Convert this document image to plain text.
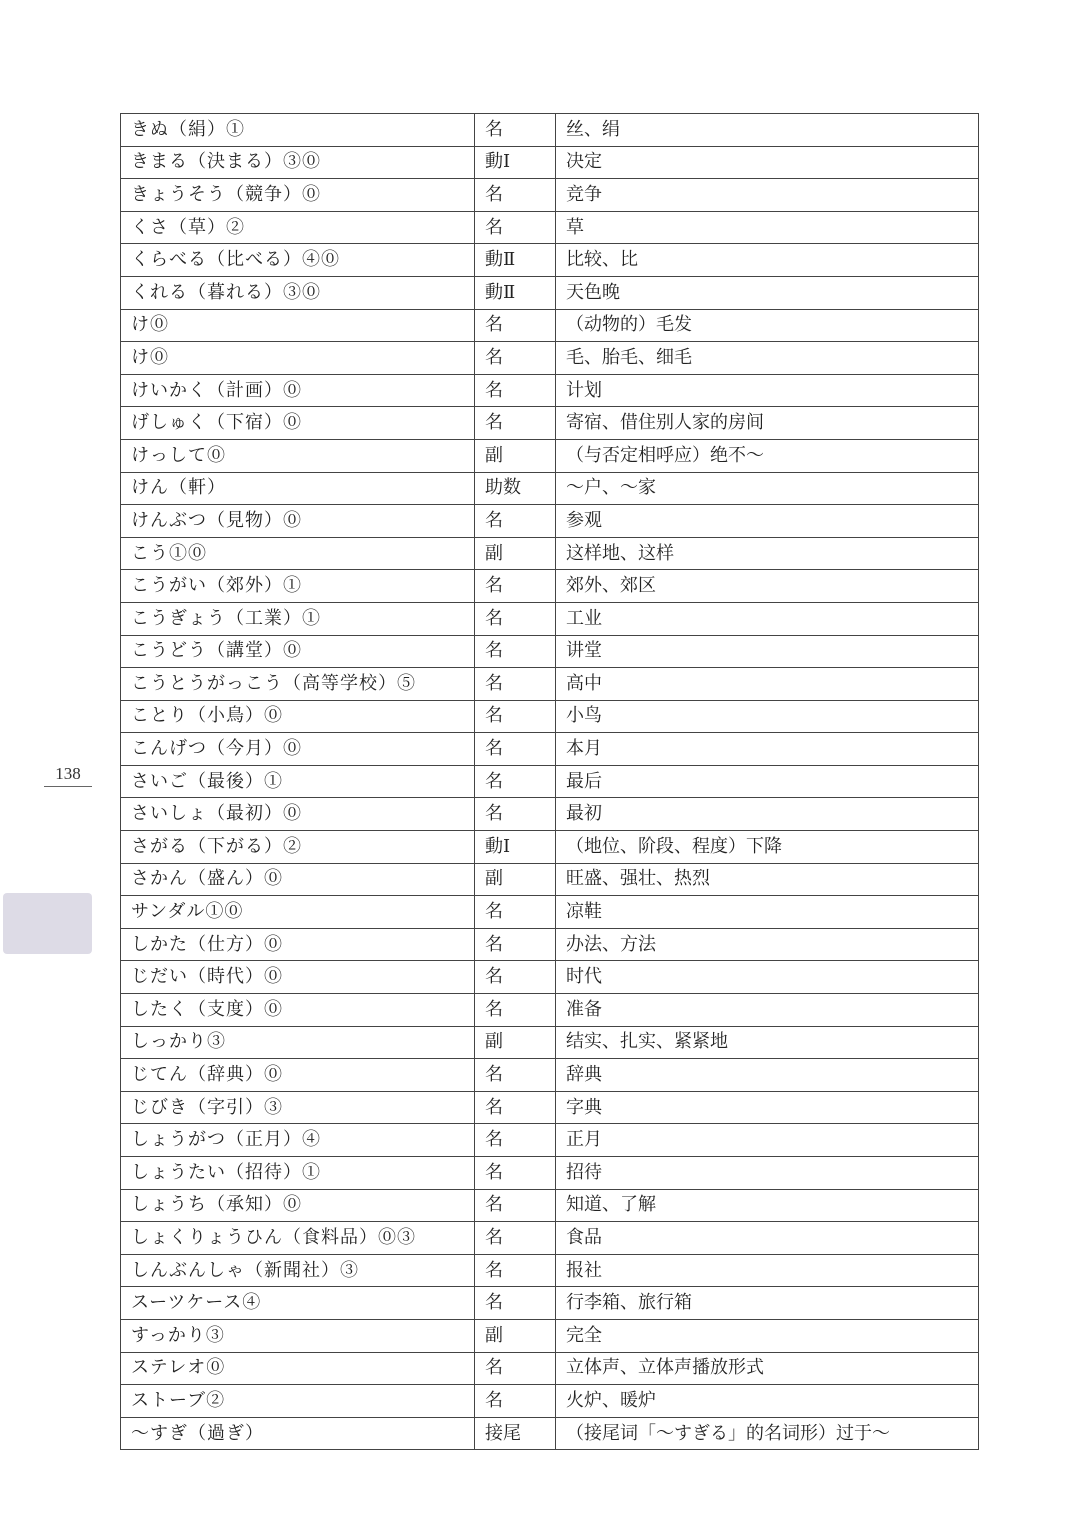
138
きぬ（絹）①	名	丝、绢
きまる（決まる）③⓪	動Ⅰ	决定
きょうそう（競争）⓪	名	竞争
くさ（草）②	名	草
くらべる（比べる）④⓪	動Ⅱ	比较、比
くれる（暮れる）③⓪	動Ⅱ	天色晚
け⓪	名	（动物的）毛发
け⓪	名	毛、胎毛、细毛
けいかく（計画）⓪	名	计划
げしゅく（下宿）⓪	名	寄宿、借住别人家的房间
けっして⓪	副	（与否定相呼应）绝不～
けん（軒）	助数	～户、～家
けんぶつ（見物）⓪	名	参观
こう①⓪	副	这样地、这样
こうがい（郊外）①	名	郊外、郊区
こうぎょう（工業）①	名	工业
こうどう（講堂）⓪	名	讲堂
こうとうがっこう（高等学校）⑤	名	高中
ことり（小鳥）⓪	名	小鸟
こんげつ（今月）⓪	名	本月
さいご（最後）①	名	最后
さいしょ（最初）⓪	名	最初
さがる（下がる）②	動Ⅰ	（地位、阶段、程度）下降
さかん（盛ん）⓪	副	旺盛、强壮、热烈
サンダル①⓪	名	凉鞋
しかた（仕方）⓪	名	办法、方法
じだい（時代）⓪	名	时代
したく（支度）⓪	名	准备
しっかり③	副	结实、扎实、紧紧地
じてん（辞典）⓪	名	辞典
じびき（字引）③	名	字典
しょうがつ（正月）④	名	正月
しょうたい（招待）①	名	招待
しょうち（承知）⓪	名	知道、了解
しょくりょうひん（食料品）⓪③	名	食品
しんぶんしゃ（新聞社）③	名	报社
スーツケース④	名	行李箱、旅行箱
すっかり③	副	完全
ステレオ⓪	名	立体声、立体声播放形式
ストーブ②	名	火炉、暖炉
～すぎ（過ぎ）	接尾	（接尾词「～すぎる」的名词形）过于～
